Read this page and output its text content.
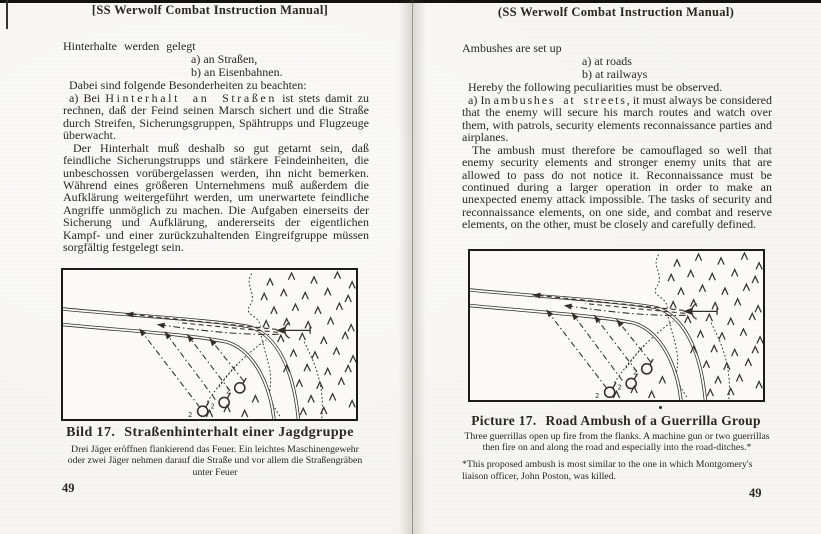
[SS Werwolf Combat Instruction Manual]

Hinterhalte werden gelegt

a) an Straßen,
b) an Eisenbahnen.

Dabei sind folgende Besonderheiten zu beachten:

a) Bei Hinterhalt an Straßen ist stets damit zu rechnen, daß der Feind seinen Marsch sichert und die Straße durch Streifen, Sicherungsgruppen, Spähtrupps und Flugzeuge überwacht.

Der Hinterhalt muß deshalb so gut getarnt sein, daß feindliche Sicherungstrupps und stärkere Feindeinheiten, die unbeschossen vorübergelassen werden, ihn nicht bemerken. Während eines größeren Unternehmens muß außerdem die Aufklärung weitergeführt werden, um unerwartete feindliche Angriffe unmöglich zu machen. Die Aufgaben einerseits der Sicherung und Aufklärung, andererseits der eigentlichen Kampf- und einer zurückzuhaltenden Eingreifgruppe müssen sorgfältig festgelegt sein.

2
2
2
Bild 17. Straßenhinterhalt einer Jagdgruppe
Drei Jäger eröffnen flankierend das Feuer. Ein leichtes Maschinengewehr oder zwei Jäger nehmen darauf die Straße und vor allem die Straßengräben unter Feuer
49
(SS Werwolf Combat Instruction Manual)

Ambushes are set up

a) at roads
b) at railways

Hereby the following peculiarities must be observed.

a) In ambushes at streets, it must always be considered that the enemy will secure his march routes and watch over them, with patrols, security elements reconnaissance parties and airplanes.

The ambush must therefore be camouflaged so well that enemy security elements and stronger enemy units that are allowed to pass do not notice it. Reconnaissance must be continued during a larger operation in order to make an unexpected enemy attack impossible. The tasks of security and reconnaissance elements, on one side, and combat and reserve elements, on the other, must be closely and carefully defined.

2
2
2
Picture 17. Road Ambush of a Guerrilla Group
Three guerrillas open up fire from the flanks. A machine gun or two guerrillas then fire on and along the road and especially into the road-ditches.*
*This proposed ambush is most similar to the one in which Montgomery's liaison officer, John Poston, was killed.
49
